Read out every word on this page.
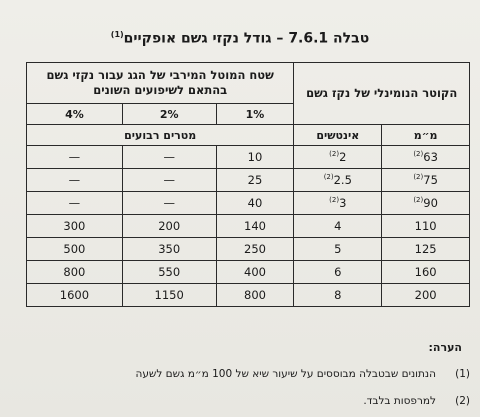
טבלה 7.6.1 – גודל נקזי גשם אופקיים$^{(1)}$
הקוטר הנומינלי של נקז גשם		שטח המוטל המירבי של הגג עבור נקזי גשם בהתאם לשיפועים השונים		
		1%	2%	4%
מ״מ	אינטשים	מטרים רבועים		
$^{(2)}$63	$^{(2)}$2	10	—	—
$^{(2)}$75	$^{(2)}$2.5	25	—	—
$^{(2)}$90	$^{(2)}$3	40	—	—
110	4	140	200	300
125	5	250	350	500
160	6	400	550	800
200	8	800	1150	1600
הערה:
(1)הנתונים שבטבלה מבוססים על שיעור שיא של 100 מ״מ גשם לשעה
(2)למרפסות בלבד.
